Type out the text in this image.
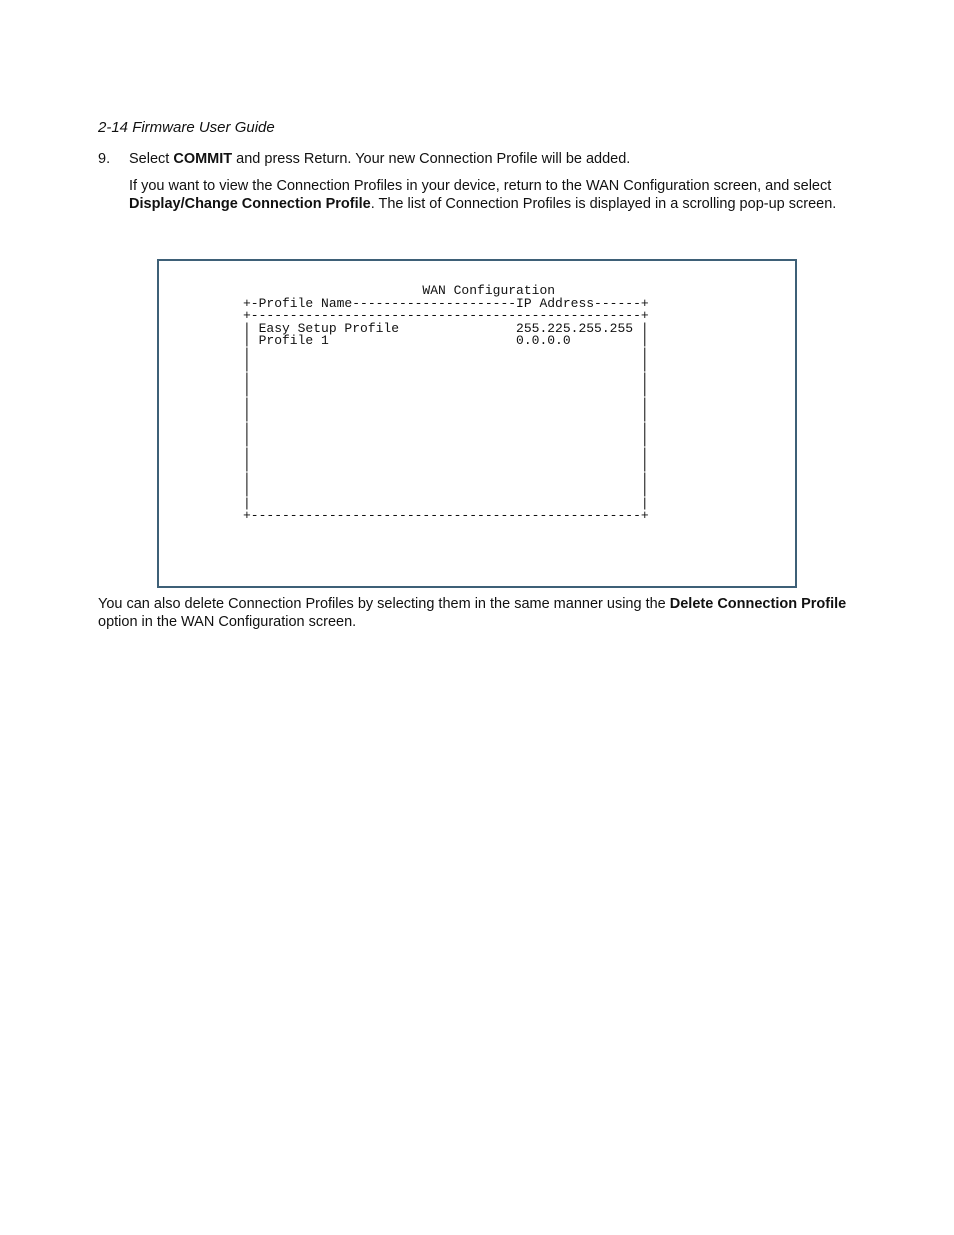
2-14 Firmware User Guide
9. Select COMMIT and press Return. Your new Connection Profile will be added.
If you want to view the Connection Profiles in your device, return to the WAN Configuration screen, and select Display/Change Connection Profile. The list of Connection Profiles is displayed in a scrolling pop-up screen.
WAN Configuration
+-Profile Name---------------------IP Address------+
+--------------------------------------------------+
| Easy Setup Profile               255.225.255.255 |
| Profile 1                        0.0.0.0         |
|                                                  |
|                                                  |
|                                                  |
|                                                  |
|                                                  |
|                                                  |
|                                                  |
|                                                  |
|                                                  |
|                                                  |
|                                                  |
|                                                  |
|                                                  |
+--------------------------------------------------+
You can also delete Connection Profiles by selecting them in the same manner using the Delete Connection Profile option in the WAN Configuration screen.
